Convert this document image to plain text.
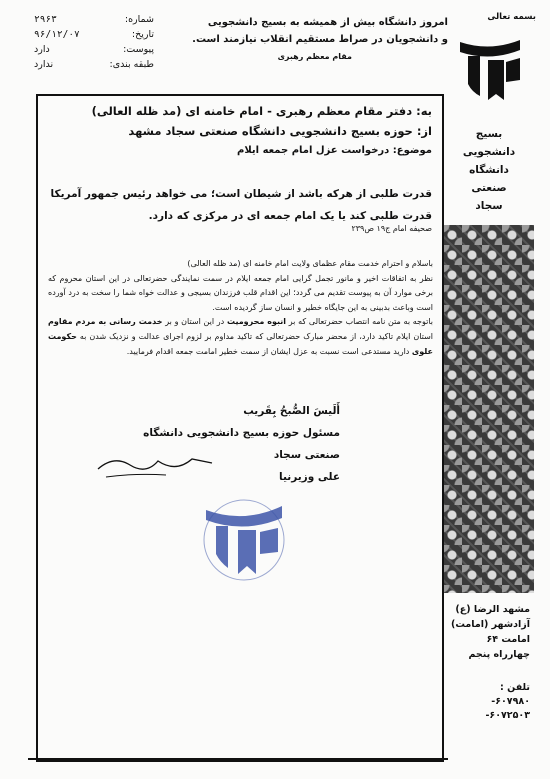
شماره:
۲۹۶۳
تاریخ:
۹۶/۱۲/۰۷
پیوست:
دارد
طبقه بندی:
ندارد
امروز دانشگاه بیش از همیشه به بسیج دانشجویی
و دانشجویان در صراط مستقیم انقلاب نیازمند است.
مقام معظم رهبری
بسمه تعالی
بسیج
دانشجویی
دانشگاه
صنعتی
سجاد
مشهد الرضا (ع)
آزادشهر (امامت)
امامت ۶۴
چهارراه پنجم
تلفن :
۶۰۷۹۸۰-
۶۰۷۲۵۰۳-
به: دفتر مقام معظم رهبری - امام خامنه ای (مد ظله العالی)
از: حوزه بسیج دانشجویی دانشگاه صنعتی سجاد مشهد
موضوع: درخواست عزل امام جمعه ایلام
قدرت طلبی از هرکه باشد از شیطان است؛ می خواهد رئیس جمهور آمریکا قدرت طلبی کند یا یک امام جمعه ای در مرکزی که دارد.
صحیفه امام ج۱۹ ص۲۳۹

باسلام و احترام خدمت مقام عظمای ولایت امام خامنه ای (مد ظله العالی)

نظر به اتفاقات اخیر و مانور تجمل گرایی امام جمعه ایلام در سمت نمایندگی حضرتعالی در این استان محروم که برخی موارد آن به پیوست تقدیم می گردد؛ این اقدام قلب فرزندان بسیجی و عدالت خواه شما را سخت به درد آورده است وباعث بدبینی به این جایگاه خطیر و انسان ساز گردیده است.

باتوجه به متن نامه انتصاب حضرتعالی که بر انبوه محرومیت در این استان و بر خدمت رسانی به مردم مقاوم استان ایلام تاکید دارد، از محضر مبارک حضرتعالی که تاکید مداوم بر لزوم اجرای عدالت و نزدیک شدن به حکومت علوی دارید مستدعی است نسبت به عزل ایشان از سمت خطیر امامت جمعه اقدام فرمایید.

أَلَيسَ الصُّبحُ بِقَريب
مسئول حوزه بسیج دانشجویی دانشگاه صنعتی سجاد
علی وزیرنیا
